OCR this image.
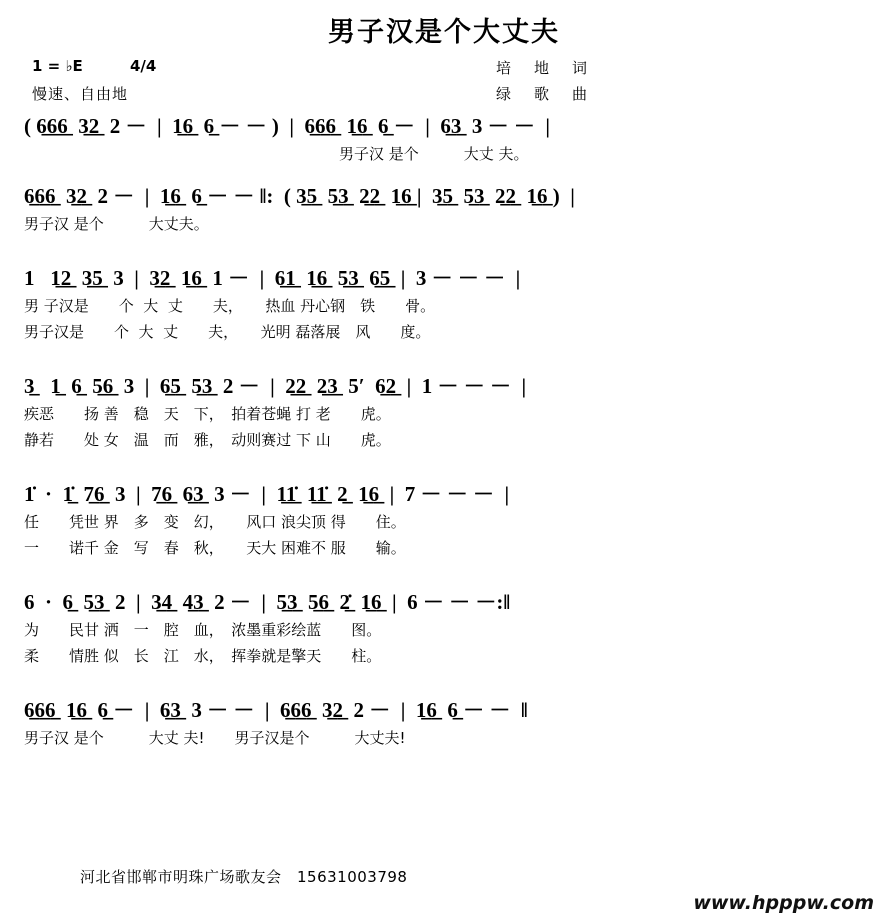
男子汉是个大丈夫
1 = ♭E	4/4
慢速、自由地
培　地　词
绿　歌　曲
( 6̲6̲6̲  3̲2̲  2 －  |  1̲6̲  6̲ － － )  |  6̲6̲6̲  1̲6̲  6̲ －  |  6̲3̲  3 － －  |
　　　　　　　　　　　　　　　　　　　　　男子汉 是个　　　大丈 夫。
6̲6̲6̲  3̲2̲  2 －  |  1̲6̲  6̲ － － ‖:  ( 3̲5̲  5̲3̲  2̲2̲  1̲6̲ |  3̲5̲  5̲3̲  2̲2̲  1̲6̲ )  |
男子汉 是个　　　大丈夫。
1   1̲2̲  3̲5̲  3  |  3̲2̲  1̲6̲  1 －  |  6̲1̲  1̲6̲  5̲3̲  6̲5̲  |  3 － － －  |
男 子汉是　　个  大  丈　　夫，　　热血 丹心钢　铁　　骨。
男子汉是　　个  大  丈　　夫，　　光明 磊落展　风　　度。
3̲   1̲  6̲  5̲6̲  3  |  6̲5̲  5̲3̲  2 －  |  2̲2̲  2̲3̲  5ʹ  6̲2̲  |  1 － － －  |
疾恶　　扬 善　稳　天　下，　拍着苍蝇 打 老　　虎。
静若　　处 女　温　而　雅，　动则赛过 下 山　　虎。
1̇  ·  1̲̇  7̲6̲  3  |  7̲6̲  6̲3̲  3 －  |  1̲1̲̇  1̲1̲̇  2̲  1̲6̲  |  7 － － －  |
任　　凭世 界　多　变　幻，　　风口 浪尖顶 得　　住。
一　　诺千 金　写　春　秋，　　天大 困难不 服　　输。
6  ·  6̲  5̲3̲  2  |  3̲4̲  4̲3̲  2 －  |  5̲3̲  5̲6̲  2̲̇  1̲6̲  |  6 － － －:‖
为　　民甘 洒　一　腔　血，　浓墨重彩绘蓝　　图。
柔　　情胜 似　长　江　水，　挥拳就是擎天　　柱。
6̲6̲6̲  1̲6̲  6̲ －  |  6̲3̲  3 － －  |  6̲6̲6̲  3̲2̲  2 －  |  1̲6̲  6̲ － －  ‖
男子汉 是个　　　大丈 夫!　　男子汉是个　　　大丈夫!
河北省邯郸市明珠广场歌友会　15631003798
www.hpppw.com
